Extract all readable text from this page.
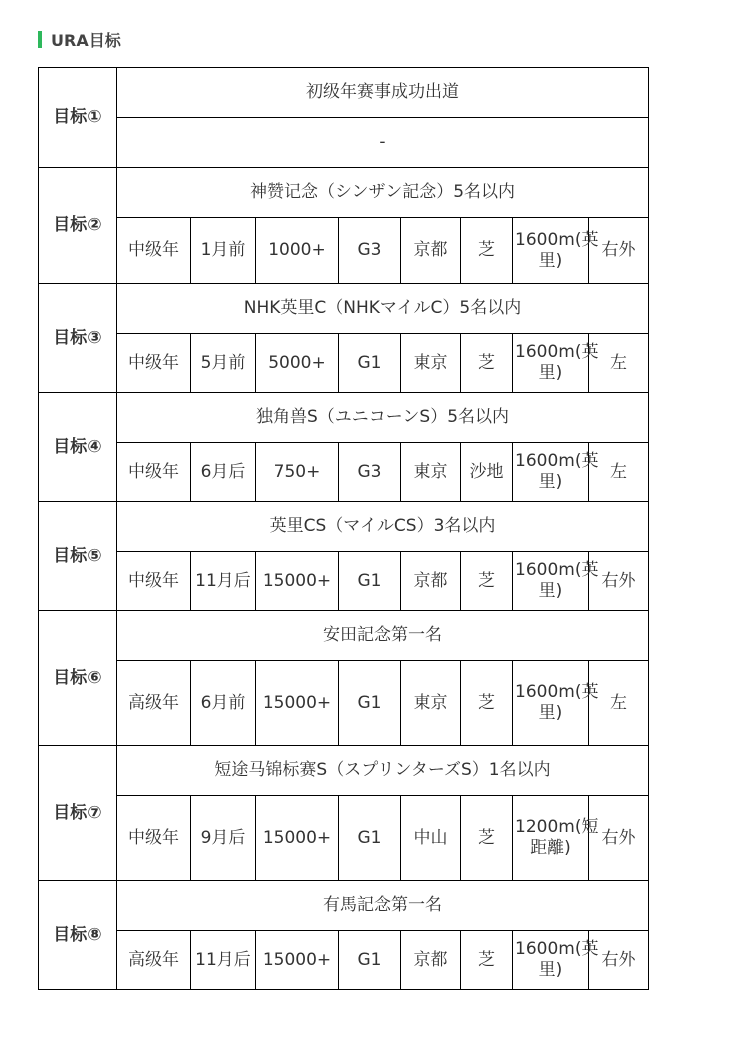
URA目标
目标①	初级年赛事成功出道							
	-							
目标②	神赞记念（シンザン記念）5名以内							
	中级年	1月前	1000+	G3	京都	芝	1600m(英里)	右外
目标③	NHK英里C（NHKマイルC）5名以内							
	中级年	5月前	5000+	G1	東京	芝	1600m(英里)	左
目标④	独角兽S（ユニコーンS）5名以内							
	中级年	6月后	750+	G3	東京	沙地	1600m(英里)	左
目标⑤	英里CS（マイルCS）3名以内							
	中级年	11月后	15000+	G1	京都	芝	1600m(英里)	右外
目标⑥	安田記念第一名							
	高级年	6月前	15000+	G1	東京	芝	1600m(英里)	左
目标⑦	短途马锦标赛S（スプリンターズS）1名以内							
	中级年	9月后	15000+	G1	中山	芝	1200m(短距離)	右外
目标⑧	有馬記念第一名							
	高级年	11月后	15000+	G1	京都	芝	1600m(英里)	右外
